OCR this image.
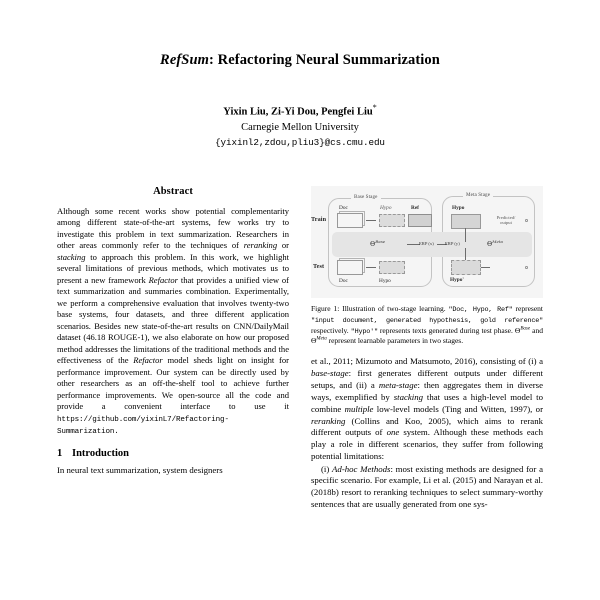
RefSum: Refactoring Neural Summarization
Yixin Liu, Zi-Yi Dou, Pengfei Liu*
Carnegie Mellon University
{yixinl2,zdou,pliu3}@cs.cmu.edu
Abstract

Although some recent works show potential complementarity among different state-of-the-art systems, few works try to investigate this problem in text summarization. Researchers in other areas commonly refer to the techniques of reranking or stacking to approach this problem. In this work, we highlight several limitations of previous methods, which motivates us to present a new framework Refactor that provides a unified view of text summarization and summaries combination. Experimentally, we perform a comprehensive evaluation that involves twenty-two base systems, four datasets, and three different application scenarios. Besides new state-of-the-art results on CNN/DailyMail dataset (46.18 ROUGE-1), we also elaborate on how our proposed method addresses the limitations of the traditional methods and the effectiveness of the Refactor model sheds light on insight for performance improvement. Our system can be directly used by other researchers as an off-the-shelf tool to achieve further performance improvements. We open-source all the code and provide a convenient interface to use it https://github.com/yixinL7/Refactoring-Summarization.

1 Introduction

In neural text summarization, system designers

Base Stage	Meta Stage
Train
Test
Doc	Hypo	Ref
Doc	Hypo
Hypo
Hypo'
Predicted/ output
$\Theta^{Base}$	$\Theta^{Meta}$
ERP (x) ERP (y)
Figure 1: Illustration of two-stage learning. "Doc, Hypo, Ref" represent "input document, generated hypothesis, gold reference" respectively. "Hypo'" represents texts generated during test phase. $\Theta^{Base}$ and $\Theta^{Meta}$ represent learnable parameters in two stages.

et al., 2011; Mizumoto and Matsumoto, 2016), consisting of (i) a base-stage: first generates different outputs under different setups, and (ii) a meta-stage: then aggregates them in diverse ways, exemplified by stacking that uses a high-level model to combine multiple low-level models (Ting and Witten, 1997), or reranking (Collins and Koo, 2005), which aims to rerank different outputs of one system. Although these methods each play a role in different scenarios, they suffer from following potential limitations:

(i) Ad-hoc Methods: most existing methods are designed for a specific scenario. For example, Li et al. (2015) and Narayan et al. (2018b) resort to reranking techniques to select summary-worthy sentences that are usually generated from one sys-
